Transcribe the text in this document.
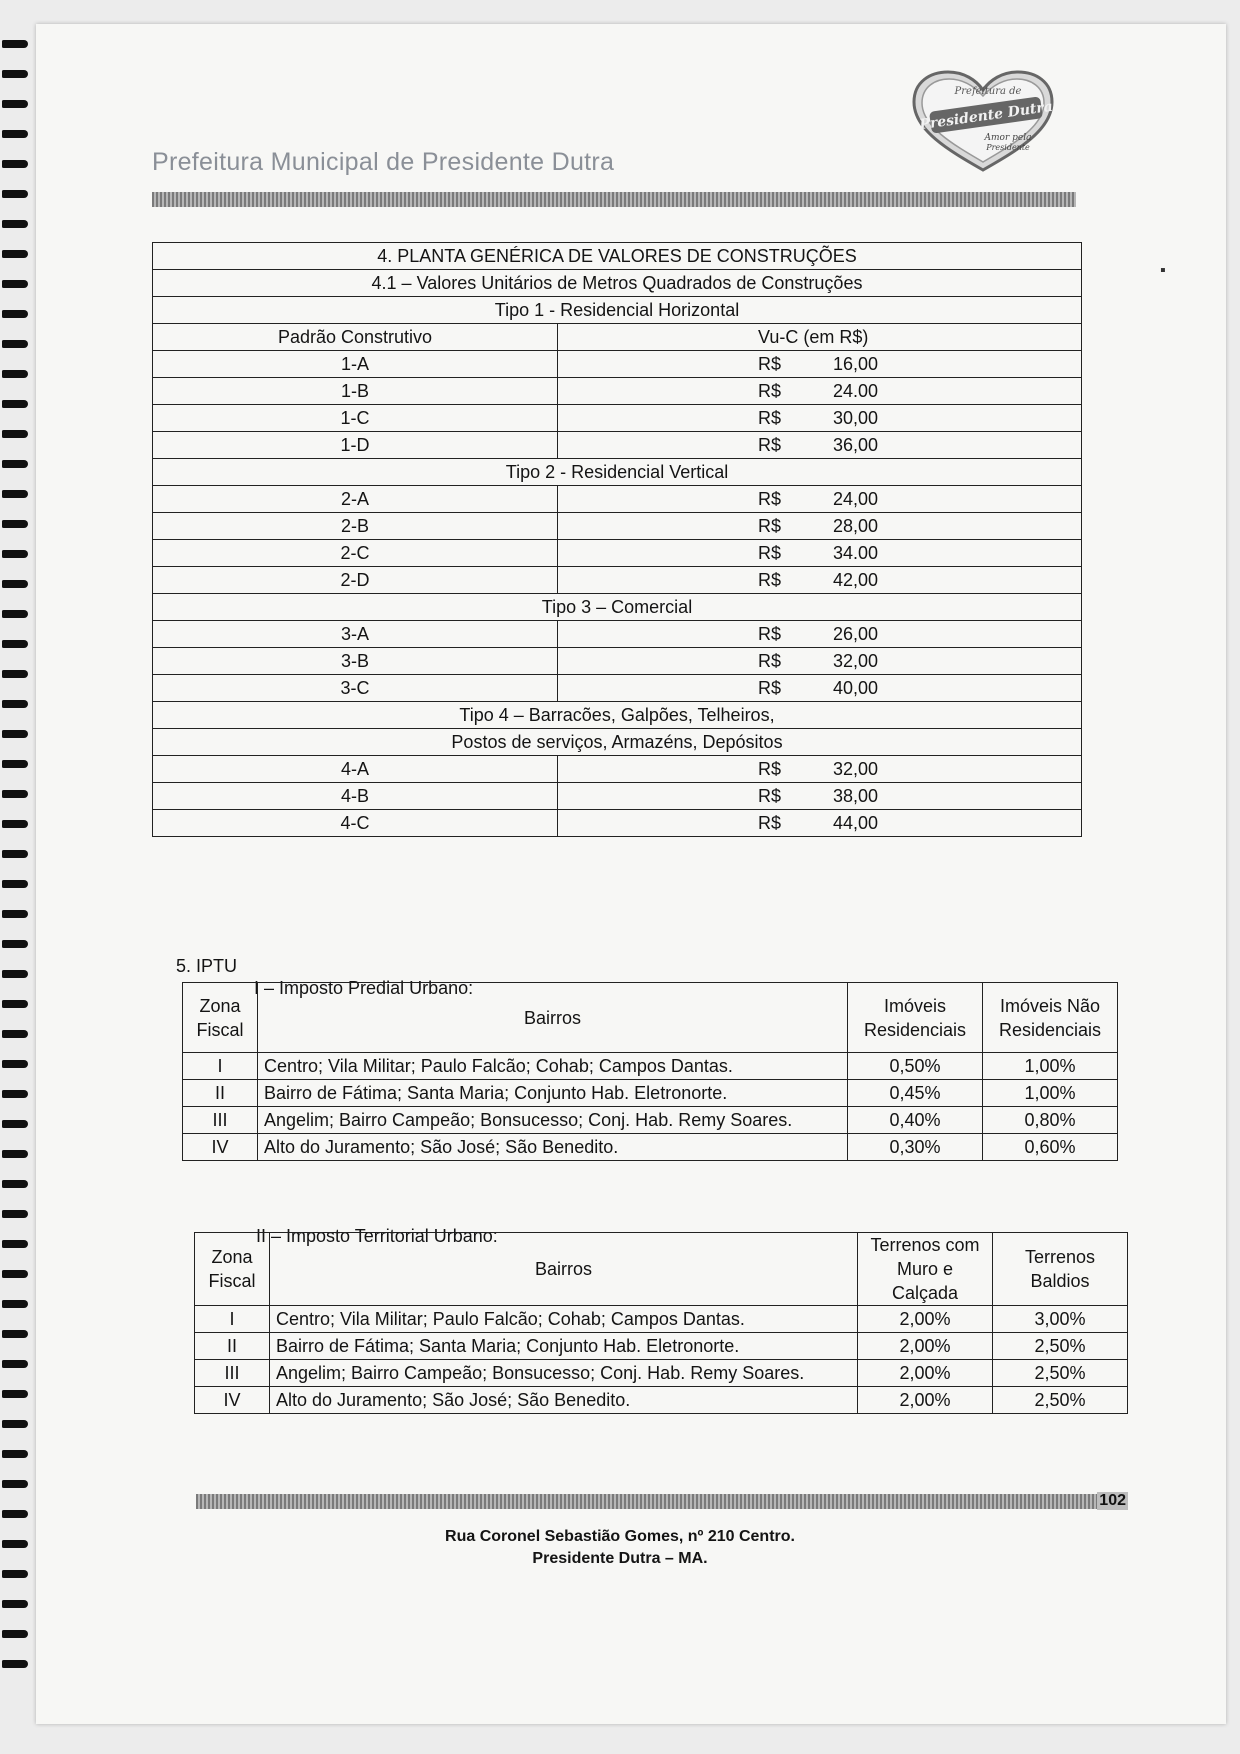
Prefeitura Municipal de Presidente Dutra
Prefeitura de
Presidente Dutra
Amor pela
Presidente
4. PLANTA GENÉRICA DE VALORES DE CONSTRUÇÕES	
4.1 – Valores Unitários de Metros Quadrados de Construções	
Tipo 1 - Residencial Horizontal	
Padrão Construtivo	Vu-C (em R$)
1-A	R$ 16,00
1-B	R$ 24.00
1-C	R$ 30,00
1-D	R$ 36,00
Tipo 2 - Residencial Vertical	
2-A	R$ 24,00
2-B	R$ 28,00
2-C	R$ 34.00
2-D	R$ 42,00
Tipo 3 – Comercial	
3-A	R$ 26,00
3-B	R$ 32,00
3-C	R$ 40,00
Tipo 4 – Barracões, Galpões, Telheiros,	
Postos de serviços, Armazéns, Depósitos	
4-A	R$ 32,00
4-B	R$ 38,00
4-C	R$ 44,00
▪
5. IPTU
I – Imposto Predial Urbano:
Zona Fiscal	Bairros	Imóveis Residenciais	Imóveis Não Residenciais
I	Centro; Vila Militar; Paulo Falcão; Cohab; Campos Dantas.	0,50%	1,00%
II	Bairro de Fátima; Santa Maria; Conjunto Hab. Eletronorte.	0,45%	1,00%
III	Angelim; Bairro Campeão; Bonsucesso; Conj. Hab. Remy Soares.	0,40%	0,80%
IV	Alto do Juramento; São José; São Benedito.	0,30%	0,60%
II – Imposto Territorial Urbano:
Zona Fiscal	Bairros	Terrenos com Muro e Calçada	Terrenos Baldios
I	Centro; Vila Militar; Paulo Falcão; Cohab; Campos Dantas.	2,00%	3,00%
II	Bairro de Fátima; Santa Maria; Conjunto Hab. Eletronorte.	2,00%	2,50%
III	Angelim; Bairro Campeão; Bonsucesso; Conj. Hab. Remy Soares.	2,00%	2,50%
IV	Alto do Juramento; São José; São Benedito.	2,00%	2,50%
102
Rua Coronel Sebastião Gomes, nº 210 Centro.
Presidente Dutra – MA.
